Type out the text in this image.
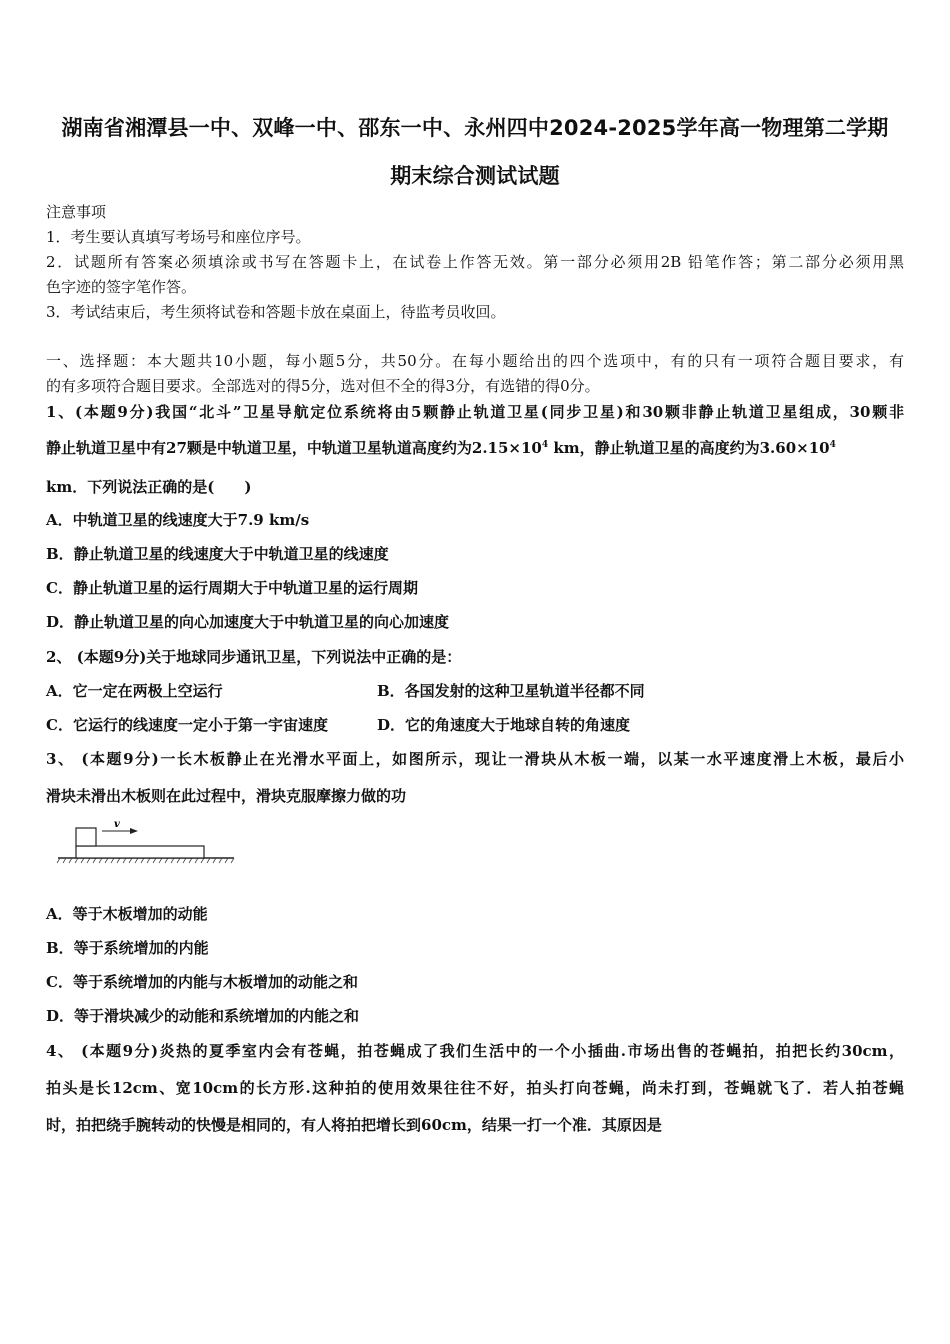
湖南省湘潭县一中、双峰一中、邵东一中、永州四中2024-2025学年高一物理第二学期
期末综合测试试题
注意事项
1．考生要认真填写考场号和座位序号。
2．试题所有答案必须填涂或书写在答题卡上，在试卷上作答无效。第一部分必须用2B 铅笔作答；第二部分必须用黑
色字迹的签字笔作答。
3．考试结束后，考生须将试卷和答题卡放在桌面上，待监考员收回。
一、选择题：本大题共10小题，每小题5分，共50分。在每小题给出的四个选项中，有的只有一项符合题目要求，有
的有多项符合题目要求。全部选对的得5分，选对但不全的得3分，有选错的得0分。
1、(本题9分)我国“北斗”卫星导航定位系统将由5颗静止轨道卫星(同步卫星)和30颗非静止轨道卫星组成，30颗非
静止轨道卫星中有27颗是中轨道卫星，中轨道卫星轨道高度约为$2.15\times 10^4$ km，静止轨道卫星的高度约为$3.60\times 10^4$
km．下列说法正确的是(　　)
A．中轨道卫星的线速度大于7.9 km/s
B．静止轨道卫星的线速度大于中轨道卫星的线速度
C．静止轨道卫星的运行周期大于中轨道卫星的运行周期
D．静止轨道卫星的向心加速度大于中轨道卫星的向心加速度
2、 (本题9分)关于地球同步通讯卫星，下列说法中正确的是：
A．它一定在两极上空运行	B．各国发射的这种卫星轨道半径都不同
C．它运行的线速度一定小于第一宇宙速度	D．它的角速度大于地球自转的角速度
3、 (本题9分)一长木板静止在光滑水平面上，如图所示，现让一滑块从木板一端，以某一水平速度滑上木板，最后小
滑块未滑出木板则在此过程中，滑块克服摩擦力做的功
v
A．等于木板增加的动能
B．等于系统增加的内能
C．等于系统增加的内能与木板增加的动能之和
D．等于滑块减少的动能和系统增加的内能之和
4、 (本题9分)炎热的夏季室内会有苍蝇，拍苍蝇成了我们生活中的一个小插曲.市场出售的苍蝇拍，拍把长约30cm，
拍头是长12cm、宽10cm的长方形.这种拍的使用效果往往不好，拍头打向苍蝇，尚未打到，苍蝇就飞了．若人拍苍蝇
时，拍把绕手腕转动的快慢是相同的，有人将拍把增长到60cm，结果一打一个准．其原因是
